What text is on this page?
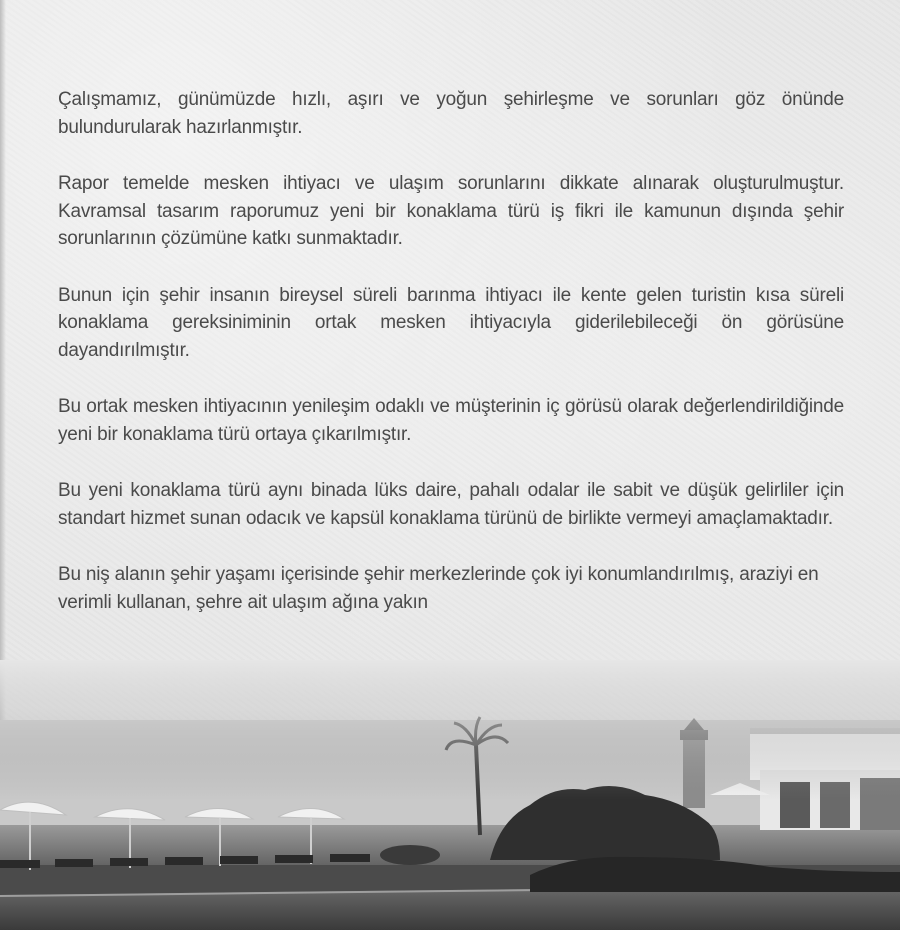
Çalışmamız, günümüzde hızlı, aşırı ve yoğun şehirleşme ve sorunları göz önünde bulundurularak hazırlanmıştır.

Rapor temelde mesken ihtiyacı ve ulaşım sorunlarını dikkate alınarak oluşturulmuştur. Kavramsal tasarım raporumuz yeni bir konaklama türü iş fikri ile kamunun dışında şehir sorunlarının çözümüne katkı sunmaktadır.

Bunun için şehir insanın bireysel süreli barınma ihtiyacı ile kente gelen turistin kısa süreli konaklama gereksiniminin ortak mesken ihtiyacıyla giderilebileceği ön görüsüne dayandırılmıştır.

Bu ortak mesken ihtiyacının yenileşim odaklı ve müşterinin iç görüsü olarak değerlendirildiğinde yeni bir konaklama türü ortaya çıkarılmıştır.

Bu yeni konaklama türü aynı binada lüks daire, pahalı odalar ile sabit ve düşük gelirliler için standart hizmet sunan odacık ve kapsül konaklama türünü de birlikte vermeyi amaçlamaktadır.

Bu niş alanın şehir yaşamı içerisinde şehir merkezlerinde çok iyi konumlandırılmış, araziyi en verimli kullanan, şehre ait ulaşım ağına yakın
